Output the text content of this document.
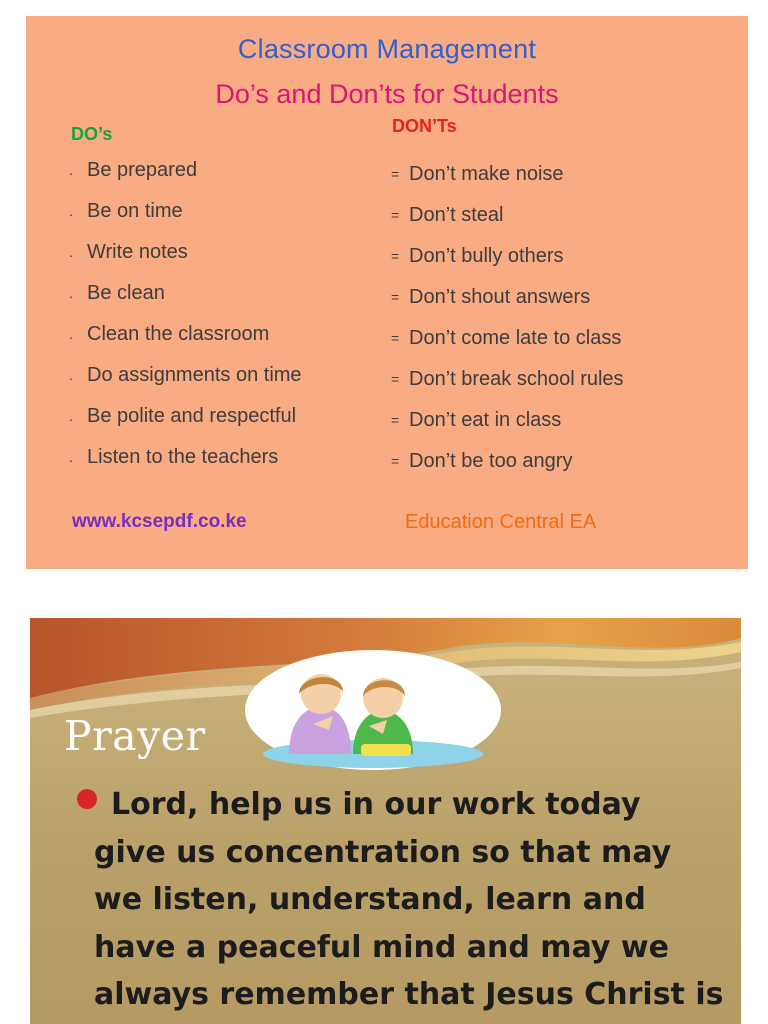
Classroom Management
Do’s and Don’ts for Students
DO’s	DON’Ts
. Be prepared
. Be on time
. Write notes
. Be clean
. Clean the classroom
. Do assignments on time
. Be polite and respectful
. Listen to the teachers
= Don’t make noise
= Don’t steal
= Don’t bully others
= Don’t shout answers
= Don’t come late to class
= Don’t break school rules
= Don’t eat in class
= Don’t be too angry
www.kcsepdf.co.ke	Education Central EA
Prayer

Lord, help us in our work today
give us concentration so that may
we listen, understand, learn and
have a peaceful mind and may we
always remember that Jesus Christ is
